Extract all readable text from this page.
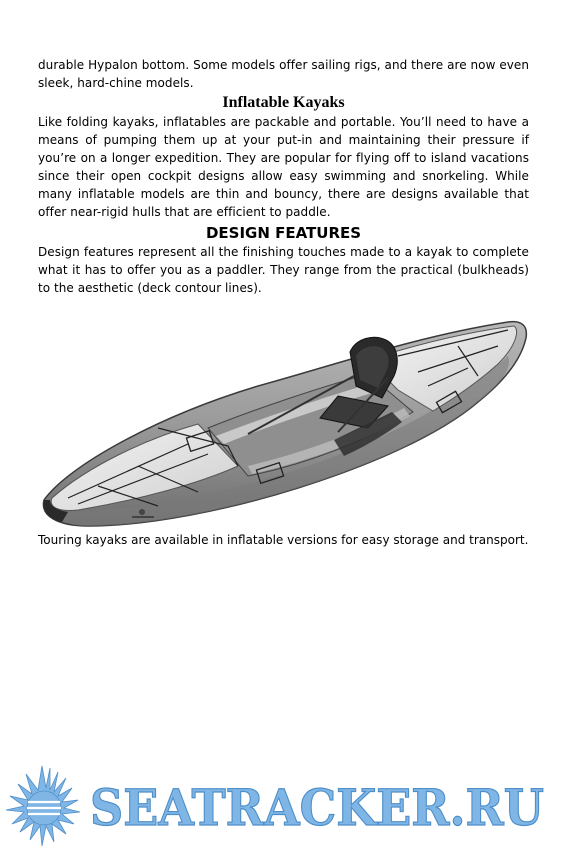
durable Hypalon bottom. Some models offer sailing rigs, and there are now even

sleek, hard-chine models.

Inflatable Kayaks

Like folding kayaks, inflatables are packable and portable. You’ll need to have a means of pumping them up at your put-in and maintaining their pressure if you’re on a longer expedition. They are popular for flying off to island vacations since their open cockpit designs allow easy swimming and snorkeling. While many inflatable models are thin and bouncy, there are designs available that offer near-rigid hulls that are efficient to paddle.

DESIGN FEATURES

Design features represent all the finishing touches made to a kayak to complete what it has to offer you as a paddler. They range from the practical (bulkheads) to the aesthetic (deck contour lines).

Touring kayaks are available in inflatable versions for easy storage and transport.
SEATRACKER.RU
